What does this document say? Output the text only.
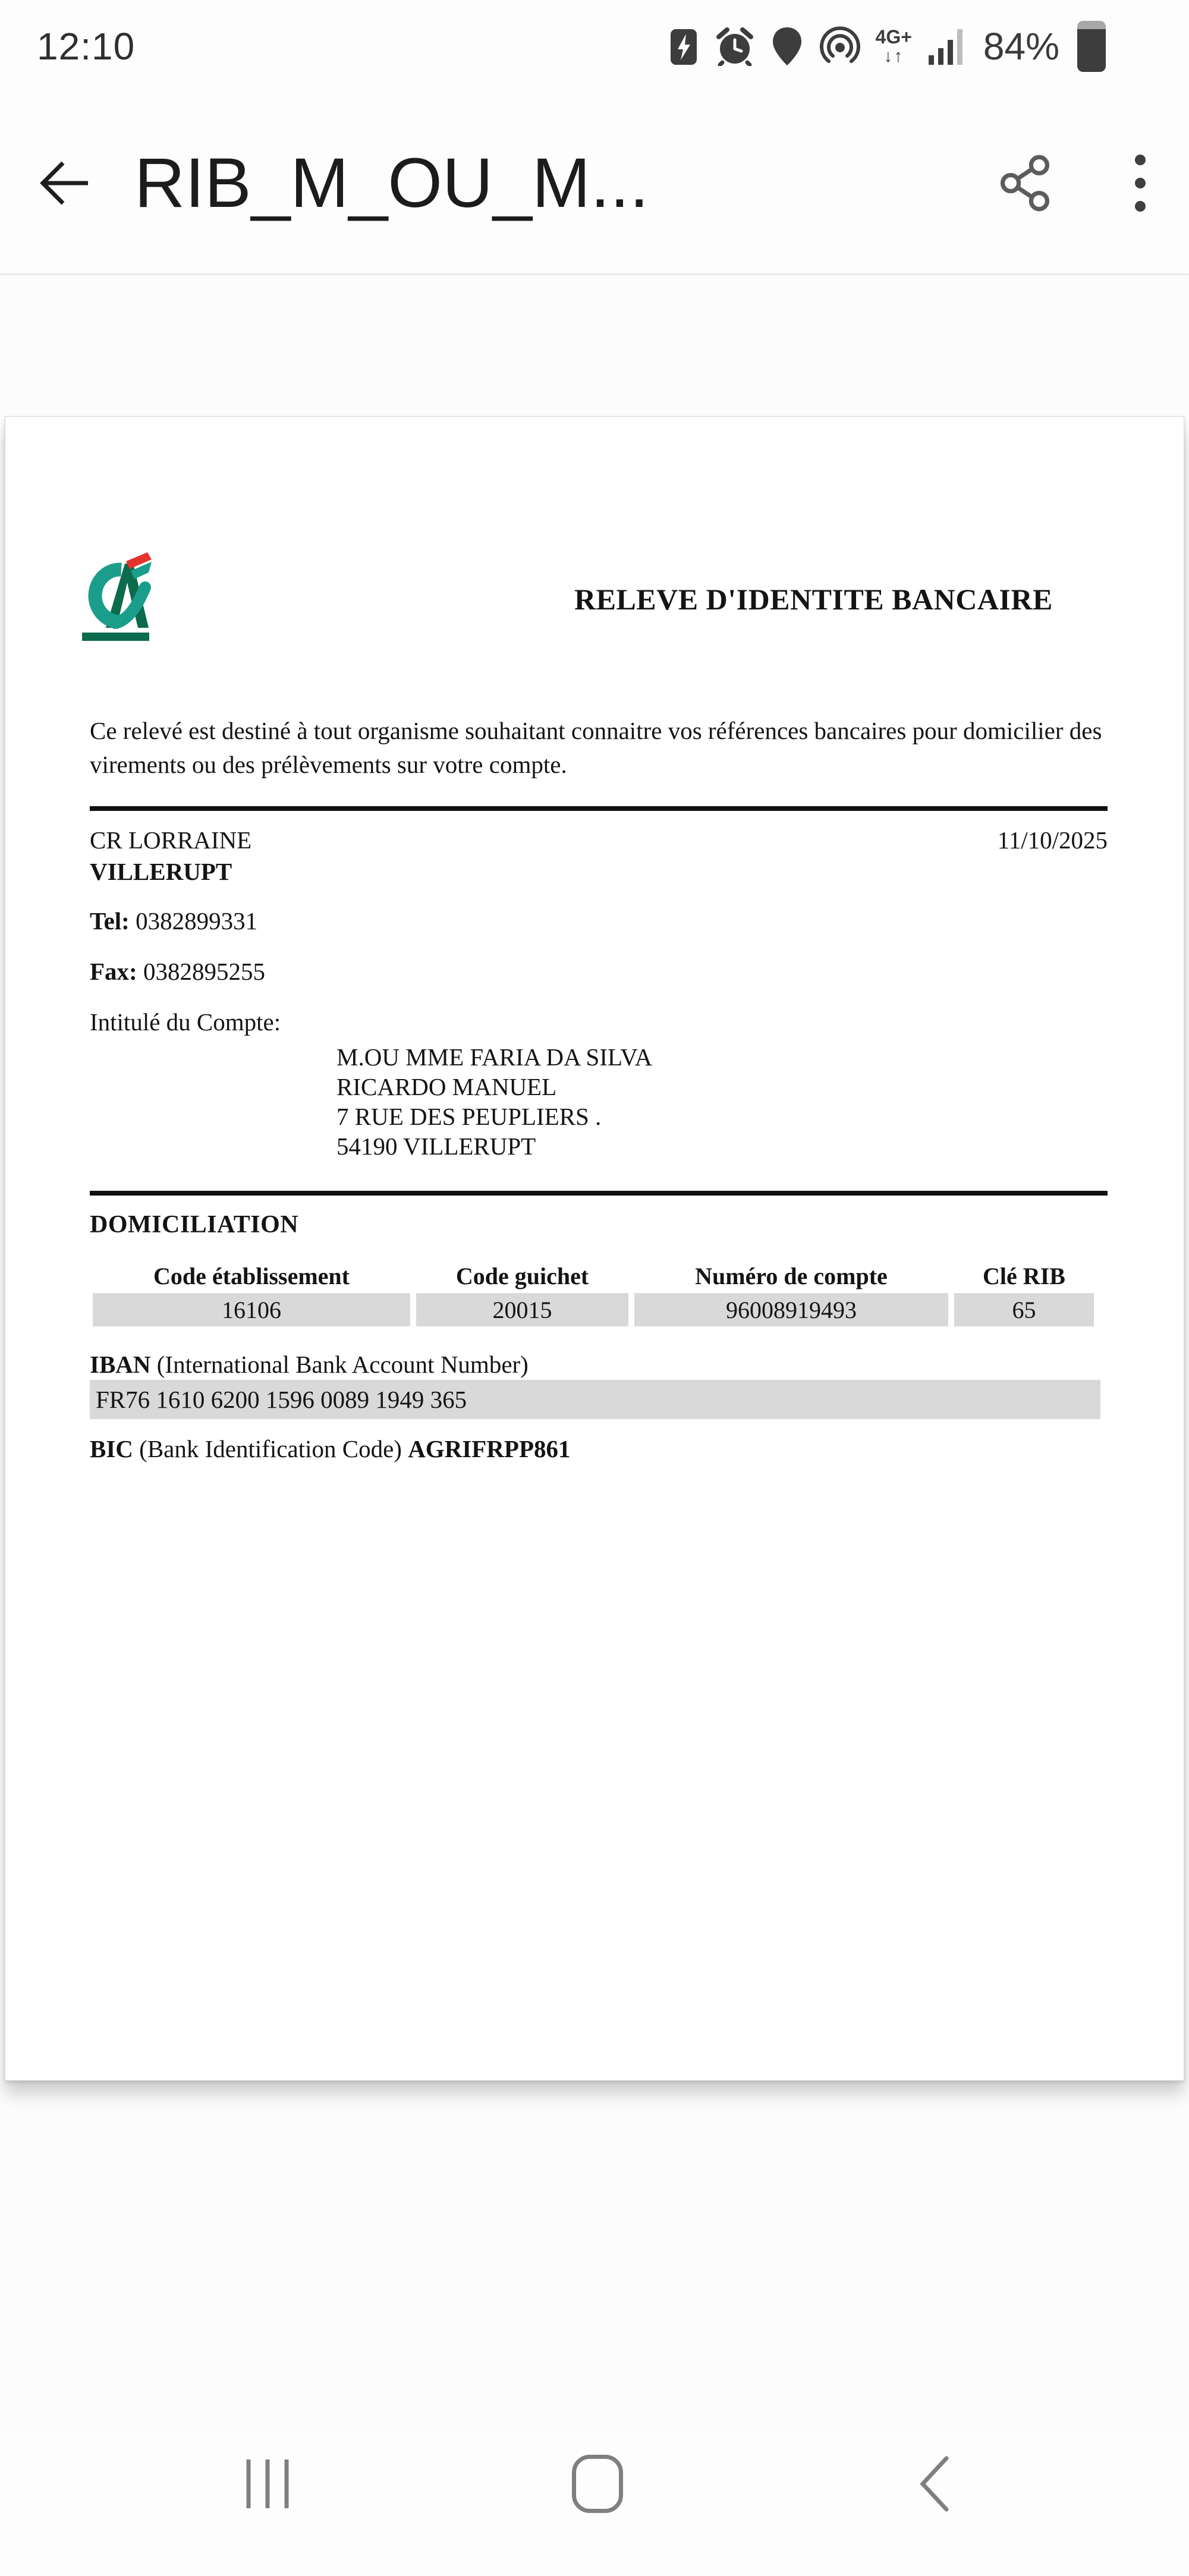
12:10	4G+
↓↑ 84%
RIB_M_OU_M...
RELEVE D'IDENTITE BANCAIRE

Ce relevé est destiné à tout organisme souhaitant connaitre vos références bancaires pour domicilier des virements ou des prélèvements sur votre compte.

11/10/2025
CR LORRAINE
VILLERUPT
Tel: 0382899331
Fax: 0382895255
Intitulé du Compte:
M.OU MME FARIA DA SILVA
RICARDO MANUEL
7 RUE DES PEUPLIERS .
54190 VILLERUPT
DOMICILIATION
Code établissement
16106
Code guichet
20015
Numéro de compte
96008919493
Clé RIB
65
IBAN (International Bank Account Number)
FR76 1610 6200 1596 0089 1949 365
BIC (Bank Identification Code) AGRIFRPP861
